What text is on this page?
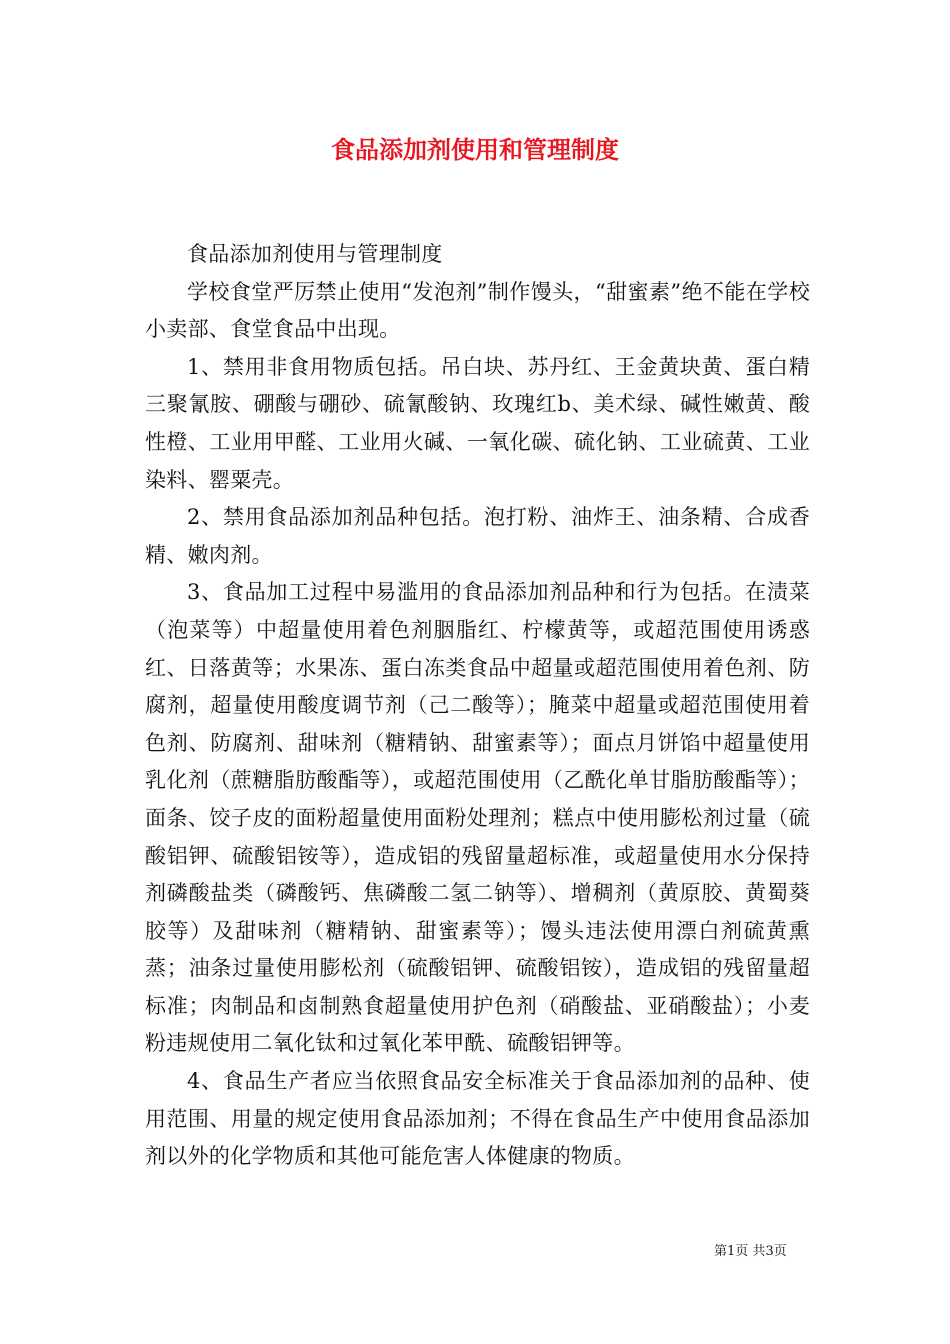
食品添加剂使用和管理制度

食品添加剂使用与管理制度

学校食堂严厉禁止使用“发泡剂”制作馒头，“甜蜜素”绝不能在学校小卖部、食堂食品中出现。

1、禁用非食用物质包括。吊白块、苏丹红、王金黄块黄、蛋白精三聚氰胺、硼酸与硼砂、硫氰酸钠、玫瑰红b、美术绿、碱性嫩黄、酸性橙、工业用甲醛、工业用火碱、一氧化碳、硫化钠、工业硫黄、工业染料、罂粟壳。

2、禁用食品添加剂品种包括。泡打粉、油炸王、油条精、合成香精、嫩肉剂。

3、食品加工过程中易滥用的食品添加剂品种和行为包括。在渍菜（泡菜等）中超量使用着色剂胭脂红、柠檬黄等，或超范围使用诱惑红、日落黄等；水果冻、蛋白冻类食品中超量或超范围使用着色剂、防腐剂，超量使用酸度调节剂（己二酸等）；腌菜中超量或超范围使用着色剂、防腐剂、甜味剂（糖精钠、甜蜜素等）；面点月饼馅中超量使用乳化剂（蔗糖脂肪酸酯等），或超范围使用（乙酰化单甘脂肪酸酯等）；面条、饺子皮的面粉超量使用面粉处理剂；糕点中使用膨松剂过量（硫酸铝钾、硫酸铝铵等），造成铝的残留量超标准，或超量使用水分保持剂磷酸盐类（磷酸钙、焦磷酸二氢二钠等）、增稠剂（黄原胶、黄蜀葵胶等）及甜味剂（糖精钠、甜蜜素等）；馒头违法使用漂白剂硫黄熏蒸；油条过量使用膨松剂（硫酸铝钾、硫酸铝铵），造成铝的残留量超标准；肉制品和卤制熟食超量使用护色剂（硝酸盐、亚硝酸盐）；小麦粉违规使用二氧化钛和过氧化苯甲酰、硫酸铝钾等。

4、食品生产者应当依照食品安全标准关于食品添加剂的品种、使用范围、用量的规定使用食品添加剂；不得在食品生产中使用食品添加剂以外的化学物质和其他可能危害人体健康的物质。

第1页 共3页
